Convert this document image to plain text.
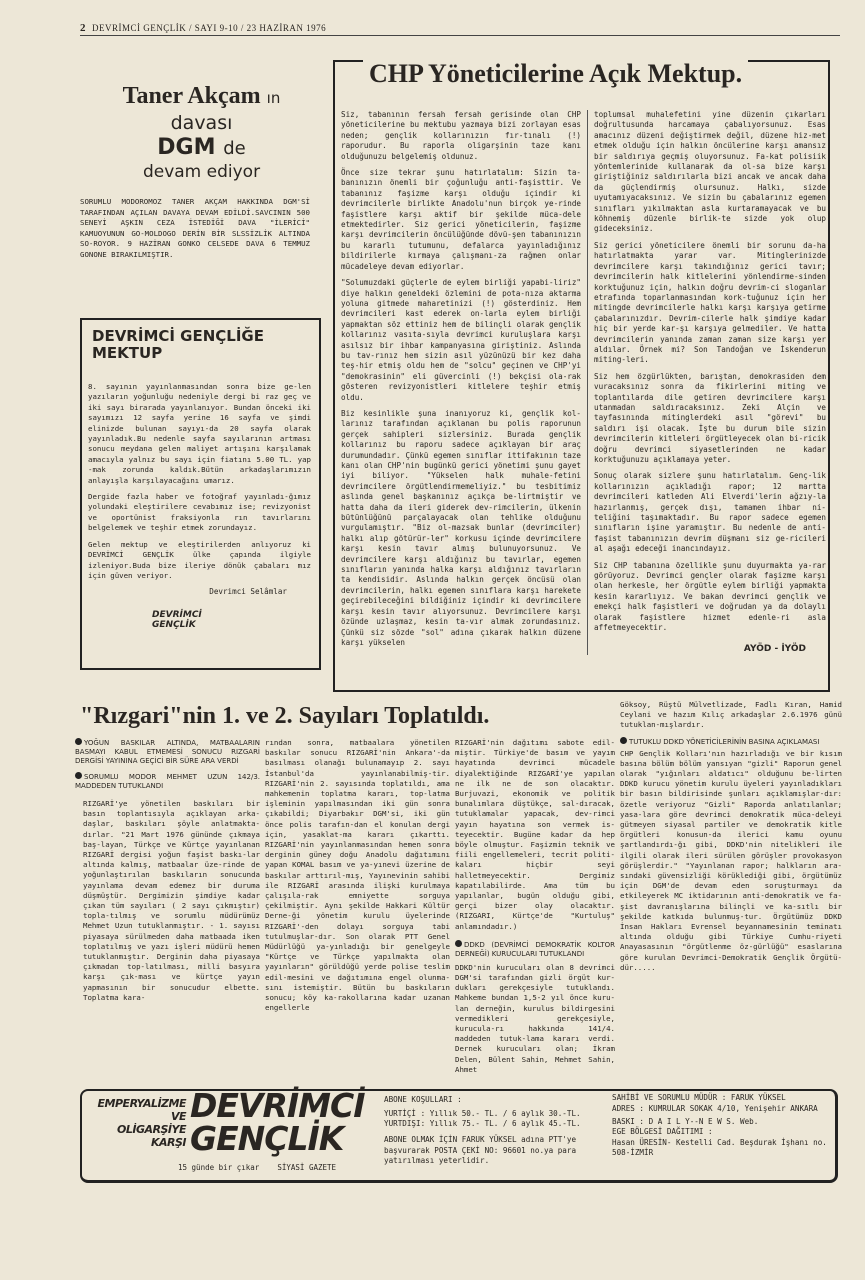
2 DEVRİMCİ GENÇLİK / SAYI 9-10 / 23 HAZİRAN 1976
Taner Akçam ın
davası
DGM de
devam ediyor
SORUMLU MODOROMOZ TANER AKÇAM HAKKINDA DGM'Sİ TARAFINDAN AÇILAN DAVAYA DEVAM EDİLDİ.SAVCININ 500 SENEYİ AŞKIN CEZA İSTEDİĞİ DAVA "İLERİCİ" KAMUOYUNUN GO-MOLDOGO DERİN BİR SLSSİZLİK ALTINDA SO-ROYOR. 9 HAZİRAN GONKO CELSEDE DAVA 6 TEMMUZ GONONE BIRAKILMIŞTIR.
DEVRİMCİ GENÇLİĞE MEKTUP

8. sayının yayınlanmasından sonra bize ge-len yazıların yoğunluğu nedeniyle dergi bi raz geç ve iki sayı birarada yayınlanıyor. Bundan önceki iki sayımızı 12 sayfa yerine 16 sayfa ve şimdi elinizde bulunan sayıyı-da 20 sayfa olarak yayınladık.Bu nedenle sayfa sayılarının artması sonucu meydana gelen maliyet artışını karşılamak amacıyla yalnız bu sayı için fiatını 5.00 TL. yap -mak zorunda kaldık.Bütün arkadaşlarımızın anlayışla karşılayacağını umarız.

Dergide fazla haber ve fotoğraf yayınladı-ğımız yolundaki eleştirilere cevabımız ise; revizyonist ve oportünist fraksiyonla rın tavırlarını belgelemek ve teşhir etmek zorundayız.

Gelen mektup ve eleştirilerden anlıyoruz ki DEVRİMCİ GENÇLİK ülke çapında ilgiyle izleniyor.Buda bize ileriye dönük çabaları mız için güven veriyor.

Devrimci Selâmlar
DEVRİMCİ GENÇLİK
CHP Yöneticilerine Açık Mektup.

Siz, tabanının fersah fersah gerisinde olan CHP yöneticilerine bu mektubu yazmaya bizi zorlayan esas neden; gençlik kollarınızın fır-tınalı (!) raporudur. Bu raporla oligarşinin taze kanı olduğunuzu belgelemiş oldunuz.

Önce size tekrar şunu hatırlatalım: Sizin ta-banınızın önemli bir çoğunluğu anti-faşisttir. Ve tabanınız faşizme karşı olduğu içindir ki devrimcilerle birlikte Anadolu'nun birçok ye-rinde faşistlere karşı aktif bir şekilde müca-dele etmektedirler. Siz gerici yöneticilerin, faşizme karşı devrimcilerin öncülüğünde dövü-şen tabanınızın bu kararlı tutumunu, defalarca yayınladığınız bildirilerle kırmaya çalışmanı-za rağmen onlar mücadeleye devam ediyorlar.

"Solumuzdaki güçlerle de eylem birliği yapabi-liriz" diye halkın geneldeki özlemini de pota-nıza aktarma yoluna gitmede maharetinizi (!) gösterdiniz. Hem devrimcileri kast ederek on-larla eylem birliği yapmaktan söz ettiniz hem de bilinçli olarak gençlik kollarınız vasıta-sıyla devrimci kuruluşlara karşı asılsız bir ihbar kampanyasına giriştiniz. Aslında bu tav-rınız hem sizin asıl yüzünüzü bir kez daha teş-hir etmiş oldu hem de "solcu" geçinen ve CHP'yi "demokrasinin" eli güvercinli (!) bekçisi ola-rak gösteren revizyonistleri kitlelere teşhir etmiş oldu.

Biz kesinlikle şuna inanıyoruz ki, gençlik kol-larınız tarafından açıklanan bu polis raporunun gerçek sahipleri sizlersiniz. Burada gençlik kollarınız bu raporu sadece açıklayan bir araç durumundadır. Çünkü egemen sınıflar ittifakının taze kanı olan CHP'nin bugünkü gerici yönetimi şunu gayet iyi biliyor. "Yükselen halk muhale-fetini devrimcilere örgütlendirmemeliyiz." bu tesbitimiz aslında genel başkanınız açıkça be-lirtmiştir ve hatta daha da ileri giderek dev-rimcilerin, ülkenin bütünlüğünü parçalayacak olan tehlike olduğunu vurgulamıştır. "Biz ol-mazsak bunlar (devrimciler) halkı alıp götürür-ler" korkusu içinde devrimcilere karşı kesin tavır almış bulunuyorsunuz. Ve devrimcilere karşı aldığınız bu tavırlar, egemen sınıfların yanında halka karşı aldığınız tavırların ta kendisidir. Aslında halkın gerçek öncüsü olan devrimcilerin, halkı egemen sınıflara karşı harekete geçirebileceğini bildiğiniz içindir ki devrimcilere karşı kesin tavır alıyorsunuz. Devrimcilere karşı özünde uzlaşmaz, kesin ta-vır almak zorundasınız. Çünkü siz sözde "sol" adına çıkarak halkın düzene karşı yükselen

toplumsal muhalefetini yine düzenin çıkarları doğrultusunda harcamaya çabalıyorsunuz. Esas amacınız düzeni değiştirmek değil, düzene hiz-met etmek olduğu için halkın öncülerine karşı amansız bir saldırıya geçmiş oluyorsunuz. Fa-kat polisiik yöntemlerinide kullanarak da ol-sa bize karşı giriştiğiniz saldırılarla bizi ancak ve ancak daha da güçlendirmiş olursunuz. Halkı, sizde uyutamıyacaksınız. Ve sizin bu çabalarınız egemen sınıfları yıkılmaktan asla kurtaramayacak ve bu köhnemiş düzenle birlik-te sizde yok olup gideceksiniz.

Siz gerici yöneticilere önemli bir sorunu da-ha hatırlatmakta yarar var. Mitinglerinizde devrimcilere karşı takındığınız gerici tavır; devrimcilerin halk kitlelerini yönlendirme-sinden korktuğunuz için, halkın doğru devrim-ci sloganlar etrafında toparlanmasından kork-tuğunuz için her mitingde devrimcilerle halkı karşı karşıya getirme çabalarınızdır. Devrim-cilerle halk şimdiye kadar hiç bir yerde kar-şı karşıya gelmediler. Ve hatta devrimcilerin yanında zaman zaman size karşı yer aldılar. Örnek mi? Son Tandoğan ve İskenderun miting-leri.

Siz hem özgürlükten, barıştan, demokrasiden dem vuracaksınız sonra da fikirlerini miting ve toplantılarda dile getiren devrimcilere karşı utanmadan saldıracaksınız. Zeki Alçin ve tayfasınında mitinglerdeki asıl "görevi" bu saldırı işi olacak. İşte bu durum bile sizin devrimcilerin kitleleri örgütleyecek olan bi-ricik doğru devrimci siyasetlerinden ne kadar korktuğunuzu açıklamaya yeter.

Sonuç olarak sizlere şunu hatırlatalım. Genç-lik kollarınızın açıkladığı rapor; 12 martta devrimcileri katleden Ali Elverdi'lerin ağzıy-la hazırlanmış, gerçek dışı, tamamen ihbar ni-teliğini taşımaktadır. Bu rapor sadece egemen sınıfların işine yaramıştır. Bu nedenle de anti-faşist tabanınızın devrim düşmanı siz ge-ricileri al aşağı edeceği inancındayız.

Siz CHP tabanına özellikle şunu duyurmakta ya-rar görüyoruz. Devrimci gençler olarak faşizme karşı olan herkesle, her örgütle eylem birliği yapmakta kesin kararlıyız. Ve bakan devrimci gençlik ve emekçi halk faşistleri ve doğrudan ya da dolaylı olarak faşistlere hizmet edenle-ri asla affetmeyecektir.

AYÖD - İYÖD
"Rızgari"nin 1. ve 2. Sayıları Toplatıldı.
YOĞUN BASKILAR ALTINDA, MATBAALARIN BASMAYI KABUL ETMEMESİ SONUCU RIZGARİ DERGİSİ YAYININA GEÇİCİ BİR SÜRE ARA VERDİ
SORUMLU MODOR MEHMET UZUN 142/3. MADDEDEN TUTUKLANDI
RIZGARİ'ye yönetilen baskıları bir basın toplantısıyla açıklayan arka-daşlar, baskıları şöyle anlatmakta-dırlar. "21 Mart 1976 gününde çıkmaya baş-layan, Türkçe ve Kürtçe yayınlanan RIZGARİ dergisi yoğun faşist baskı-lar altında kalmış, matbaalar üze-rinde de yoğunlaştırılan baskıların sonucunda yayınlama devam edemez bir duruma düşmüştür. Dergimizin şimdiye kadar çıkan tüm sayıları ( 2 sayı çıkmıştır) topla-tılmış ve sorumlu müdürümüz Mehmet Uzun tutuklanmıştır. - 1. sayısı piyasaya sürülmeden daha matbaada iken toplatılmış ve yazı işleri müdürü hemen tutuklanmıştır. Derginin daha piyasaya çıkmadan top-latılması, milli basyıra karşı çık-ması ve kürtçe yayın yapmasının bir sonucudur elbette. Toplatma kara-
rından sonra, matbaalara yönetilen baskılar sonucu RIZGARİ'nin Ankara'-da basılması olanağı bulunamayıp 2. sayı İstanbul'da yayınlanabilmiş-tir. RIZGARİ'nin 2. sayısında toplatıldı, ama mahkemenin toplatma kararı, top-latma işleminin yapılmasından iki gün sonra çıkabildi; Diyarbakır DGM'si, iki gün önce polis tarafın-dan el konulan dergi için, yasaklat-ma kararı çıkarttı. RIZGARİ'nin yayınlanmasından hemen sonra derginin güney doğu Anadolu dağıtımını yapan KOMAL basım ve ya-yınevi üzerine de baskılar arttırıl-mış, Yayınevinin sahibi ile RIZGARİ arasında ilişki kurulmaya çalışıla-rak emniyette sorguya çekilmiştir. Aynı şekilde Hakkari Kültür Derne-ği yönetim kurulu üyelerinde RIZGARİ'-den dolayı sorguya tabi tutulmuşlar-dır. Son olarak PTT Genel Müdürlüğü ya-yınladığı bir genelgeyle "Kürtçe ve Türkçe yapılmakta olan yayınların" görüldüğü yerde polise teslim edil-mesini ve dağıtımına engel olunma-sını istemiştir. Bütün bu baskıların sonucu; köy ka-rakollarına kadar uzanan engellerle
RIZGARİ'nin dağıtımı sabote edil-miştir. Türkiye'de basım ve yayım hayatında devrimci mücadele diyalektiğinde RIZGARİ'ye yapılan ne ilk ne de son olacaktır. Burjuvazi, ekonomik ve politik bunalımlara düştükçe, sal-dıracak, tutuklamalar yapacak, dev-rimci yayın hayatına son vermek is-teyecektir. Bugüne kadar da hep böyle olmuştur. Faşizmin teknik ve fiili engellemeleri, tecrit politi-kaları hiçbir seyi halletmeyecektir. Dergimiz kapatılabilirde. Ama tüm bu yapılanlar, bugün olduğu gibi, gerçi bizer olay olacaktır. (RIZGARI, Kürtçe'de "Kurtuluş" anlamındadır.)
DDKD (DEVRİMCİ DEMOKRATİK KOLTOR DERNEĞİ) KURUCULARI TUTUKLANDI
DDKD'nin kurucuları olan 8 devrimci DGM'si tarafından gizli örgüt kur-dukları gerekçesiyle tutuklandı. Mahkeme bundan 1,5-2 yıl önce kuru-lan derneğin, kurulus bildirgesini vermedikleri gerekçesiyle, kurucula-rı hakkında 141/4. maddeden tutuk-lama kararı verdi. Dernek kurucuları olan; İkram Delen, Bülent Sahin, Mehmet Sahin, Ahmet
Göksoy, Rüştü Mülvetlizade, Fadlı Kıran, Hamid Ceylani ve hazım Kılıç arkadaşlar 2.6.1976 günü tutuklan-mışlardır.
TUTUKLU DDKD YÖNETİCİLERİNİN BASINA AÇIKLAMASI
CHP Gençlik Kolları'nın hazırladığı ve bir kısım basına bölüm bölüm yansıyan "gizli" Raporun genel olarak "yığınları aldatıcı" olduğunu be-lirten DDKD kurucu yönetim kurulu üyeleri yayınladıkları bir basın bildirisinde şunları açıklamışlar-dır: özetle veriyoruz "Gizli" Raporda anlatılanlar; yasa-lara göre devrimci demokratik müca-deleyi gütmeyen siyasal partiler ve demokratik kitle örgütleri konusun-da ilerici kamu oyunu şartlandırdı-ğı gibi, DDKD'nin nitelikleri ile ilgili olarak ileri sürülen görüşler provokasyon görüşlerdir." "Yayınlanan rapor; halkların ara-sındaki güvensizliği körüklediği gibi, örgütümüz için DGM'de devam eden soruşturmayı da etkileyerek MC iktidarının anti-demokratik ve fa-şist davranışlarına bilinçli ve ka-sıtlı bir şekilde katkıda bulunmuş-tur. Örgütümüz DDKD İnsan Hakları Evrensel beyannamesinin teminatı altında olduğu gibi Türkiye Cumhu-riyeti Anayasasının "örgütlenme öz-gürlüğü" esaslarına göre kurulan Devrimci-Demokratik Gençlik Örgütü-dür.....
EMPERYALİZME
VE
OLİGARŞİYE
KARŞI
DEVRİMCİ
GENÇLİK
15 günde bir çıkar SİYASİ GAZETE
ABONE KOŞULLARI :
YURTİÇİ : Yıllık 50.- TL. / 6 aylık 30.-TL.
YURTDIŞI: Yıllık 75.- TL. / 6 aylık 45.-TL.
ABONE OLMAK İÇİN FARUK YÜKSEL adına PTT'ye başvurarak POSTA ÇEKİ NO: 96601 no.ya para yatırılması yeterlidir.
SAHİBİ VE SORUMLU MÜDÜR : FARUK YÜKSEL
ADRES : KUMRULAR SOKAK 4/10, Yenişehir ANKARA
BASKI : D A I L Y--N E W S. Web.
EGE BÖLGESİ DAĞITIMI :
Hasan ÜRESİN- Kestelli Cad. Beşdurak İşhanı no. 508-İZMİR
